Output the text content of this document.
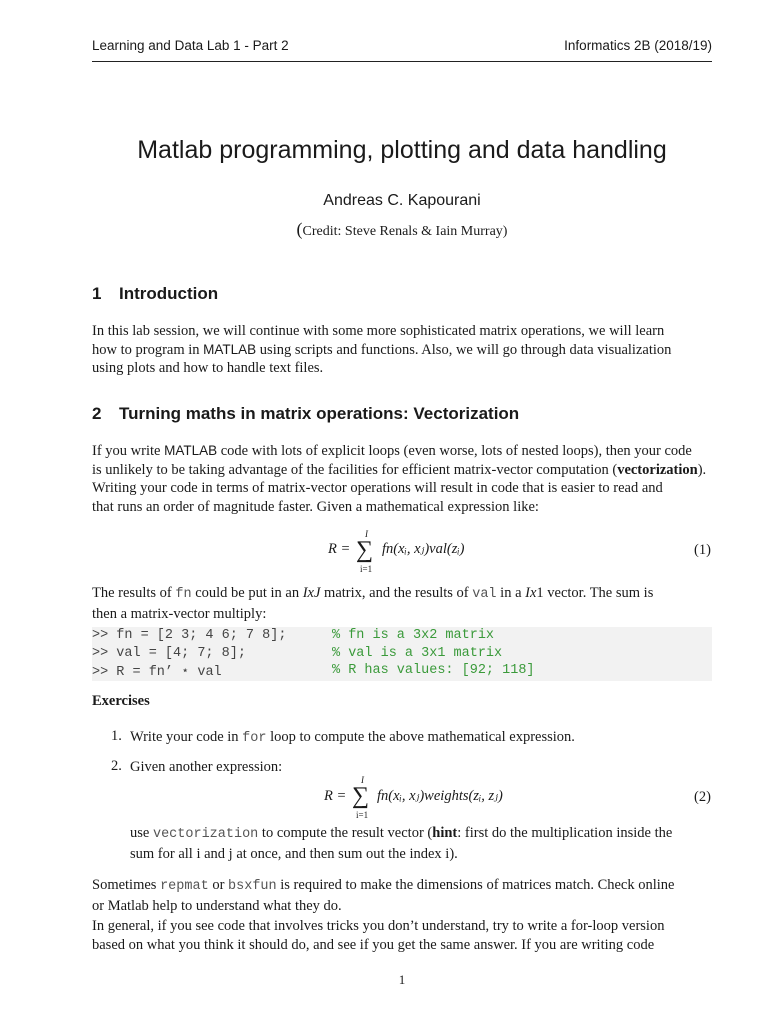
Learning and Data Lab 1 - Part 2	Informatics 2B (2018/19)
Matlab programming, plotting and data handling
Andreas C. Kapourani
(Credit: Steve Renals & Iain Murray)
1 Introduction
In this lab session, we will continue with some more sophisticated matrix operations, we will learn
how to program in MATLAB using scripts and functions. Also, we will go through data visualization
using plots and how to handle text files.
2 Turning maths in matrix operations: Vectorization
If you write MATLAB code with lots of explicit loops (even worse, lots of nested loops), then your code
is unlikely to be taking advantage of the facilities for efficient matrix-vector computation (vectorization).
Writing your code in terms of matrix-vector operations will result in code that is easier to read and
that runs an order of magnitude faster. Given a mathematical expression like:
R =
I
∑
i=1
fn(xᵢ, xⱼ)val(zᵢ)	(1)
The results of fn could be put in an IxJ matrix, and the results of val in a Ix1 vector. The sum is
then a matrix-vector multiply:
>> fn = [2 3; 4 6; 7 8];	% fn is a 3x2 matrix
>> val = [4; 7; 8];	% val is a 3x1 matrix
>> R = fn’ ⋆ val	% R has values: [92; 118]
Exercises
1. Write your code in for loop to compute the above mathematical expression.
2. Given another expression:
R =
I
∑
i=1
fn(xᵢ, xⱼ)weights(zᵢ, zⱼ)	(2)
use vectorization to compute the result vector (hint: first do the multiplication inside the
sum for all i and j at once, and then sum out the index i).
Sometimes repmat or bsxfun is required to make the dimensions of matrices match. Check online
or Matlab help to understand what they do.
In general, if you see code that involves tricks you don’t understand, try to write a for-loop version
based on what you think it should do, and see if you get the same answer. If you are writing code
1
